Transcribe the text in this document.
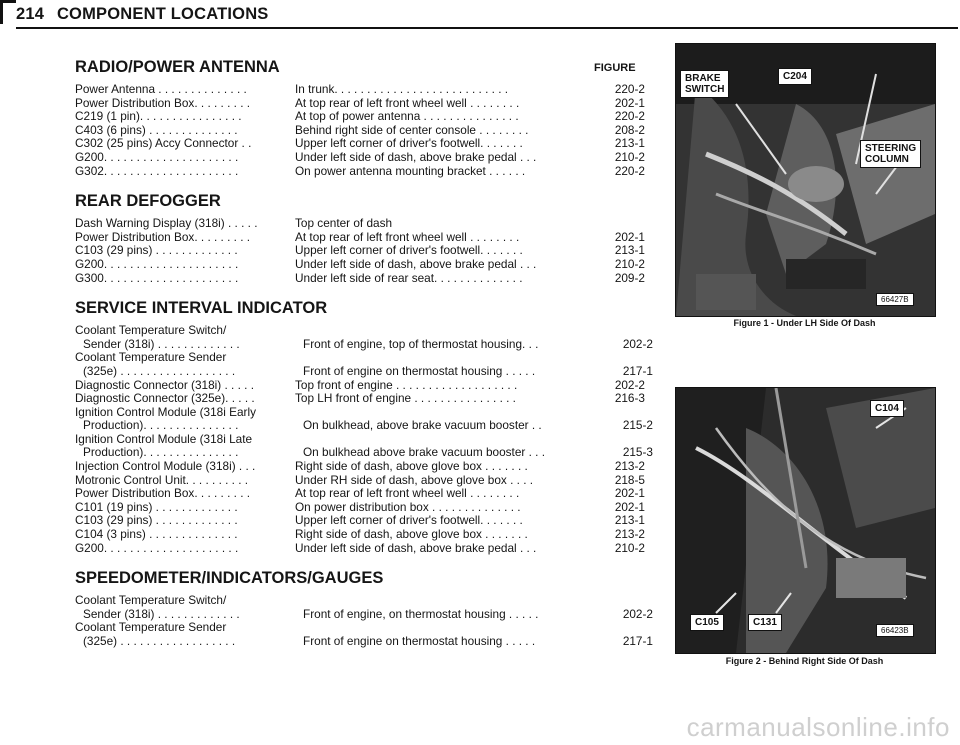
214 COMPONENT LOCATIONS
FIGURE
RADIO/POWER ANTENNA
Power Antenna . . . . . . . . . . . . . .	In trunk. . . . . . . . . . . . . . . . . . . . . . . . . . .	220-2
Power Distribution Box. . . . . . . . .	At top rear of left front wheel well . . . . . . . .	202-1
C219 (1 pin). . . . . . . . . . . . . . . .	At top of power antenna . . . . . . . . . . . . . . .	220-2
C403 (6 pins) . . . . . . . . . . . . . .	Behind right side of center console . . . . . . . .	208-2
C302 (25 pins) Accy Connector . .	Upper left corner of driver's footwell. . . . . . .	213-1
G200. . . . . . . . . . . . . . . . . . . . .	Under left side of dash, above brake pedal . . .	210-2
G302. . . . . . . . . . . . . . . . . . . . .	On power antenna mounting bracket . . . . . .	220-2
REAR DEFOGGER
Dash Warning Display (318i) . . . . .	Top center of dash
Power Distribution Box. . . . . . . . .	At top rear of left front wheel well . . . . . . . .	202-1
C103 (29 pins) . . . . . . . . . . . . .	Upper left corner of driver's footwell. . . . . . .	213-1
G200. . . . . . . . . . . . . . . . . . . . .	Under left side of dash, above brake pedal . . .	210-2
G300. . . . . . . . . . . . . . . . . . . . .	Under left side of rear seat. . . . . . . . . . . . . .	209-2
SERVICE INTERVAL INDICATOR
Coolant Temperature Switch/
Sender (318i) . . . . . . . . . . . . .	Front of engine, top of thermostat housing. . .	202-2
Coolant Temperature Sender
(325e) . . . . . . . . . . . . . . . . . .	Front of engine on thermostat housing . . . . .	217-1
Diagnostic Connector (318i) . . . . .	Top front of engine . . . . . . . . . . . . . . . . . . .	202-2
Diagnostic Connector (325e). . . . .	Top LH front of engine . . . . . . . . . . . . . . . .	216-3
Ignition Control Module (318i Early
Production). . . . . . . . . . . . . . .	On bulkhead, above brake vacuum booster . .	215-2
Ignition Control Module (318i Late
Production). . . . . . . . . . . . . . .	On bulkhead above brake vacuum booster . . .	215-3
Injection Control Module (318i) . . .	Right side of dash, above glove box . . . . . . .	213-2
Motronic Control Unit. . . . . . . . . .	Under RH side of dash, above glove box . . . .	218-5
Power Distribution Box. . . . . . . . .	At top rear of left front wheel well . . . . . . . .	202-1
C101 (19 pins) . . . . . . . . . . . . .	On power distribution box . . . . . . . . . . . . . .	202-1
C103 (29 pins) . . . . . . . . . . . . .	Upper left corner of driver's footwell. . . . . . .	213-1
C104 (3 pins) . . . . . . . . . . . . . .	Right side of dash, above glove box . . . . . . .	213-2
G200. . . . . . . . . . . . . . . . . . . . .	Under left side of dash, above brake pedal . . .	210-2
SPEEDOMETER/INDICATORS/GAUGES
Coolant Temperature Switch/
Sender (318i) . . . . . . . . . . . . .	Front of engine, on thermostat housing . . . . .	202-2
Coolant Temperature Sender
(325e) . . . . . . . . . . . . . . . . . .	Front of engine on thermostat housing . . . . .	217-1
BRAKE
SWITCH
C204
STEERING
COLUMN
66427B
Figure 1 - Under LH Side Of Dash
C104
C105	C131
66423B
Figure 2 - Behind Right Side Of Dash
carmanualsonline.info
